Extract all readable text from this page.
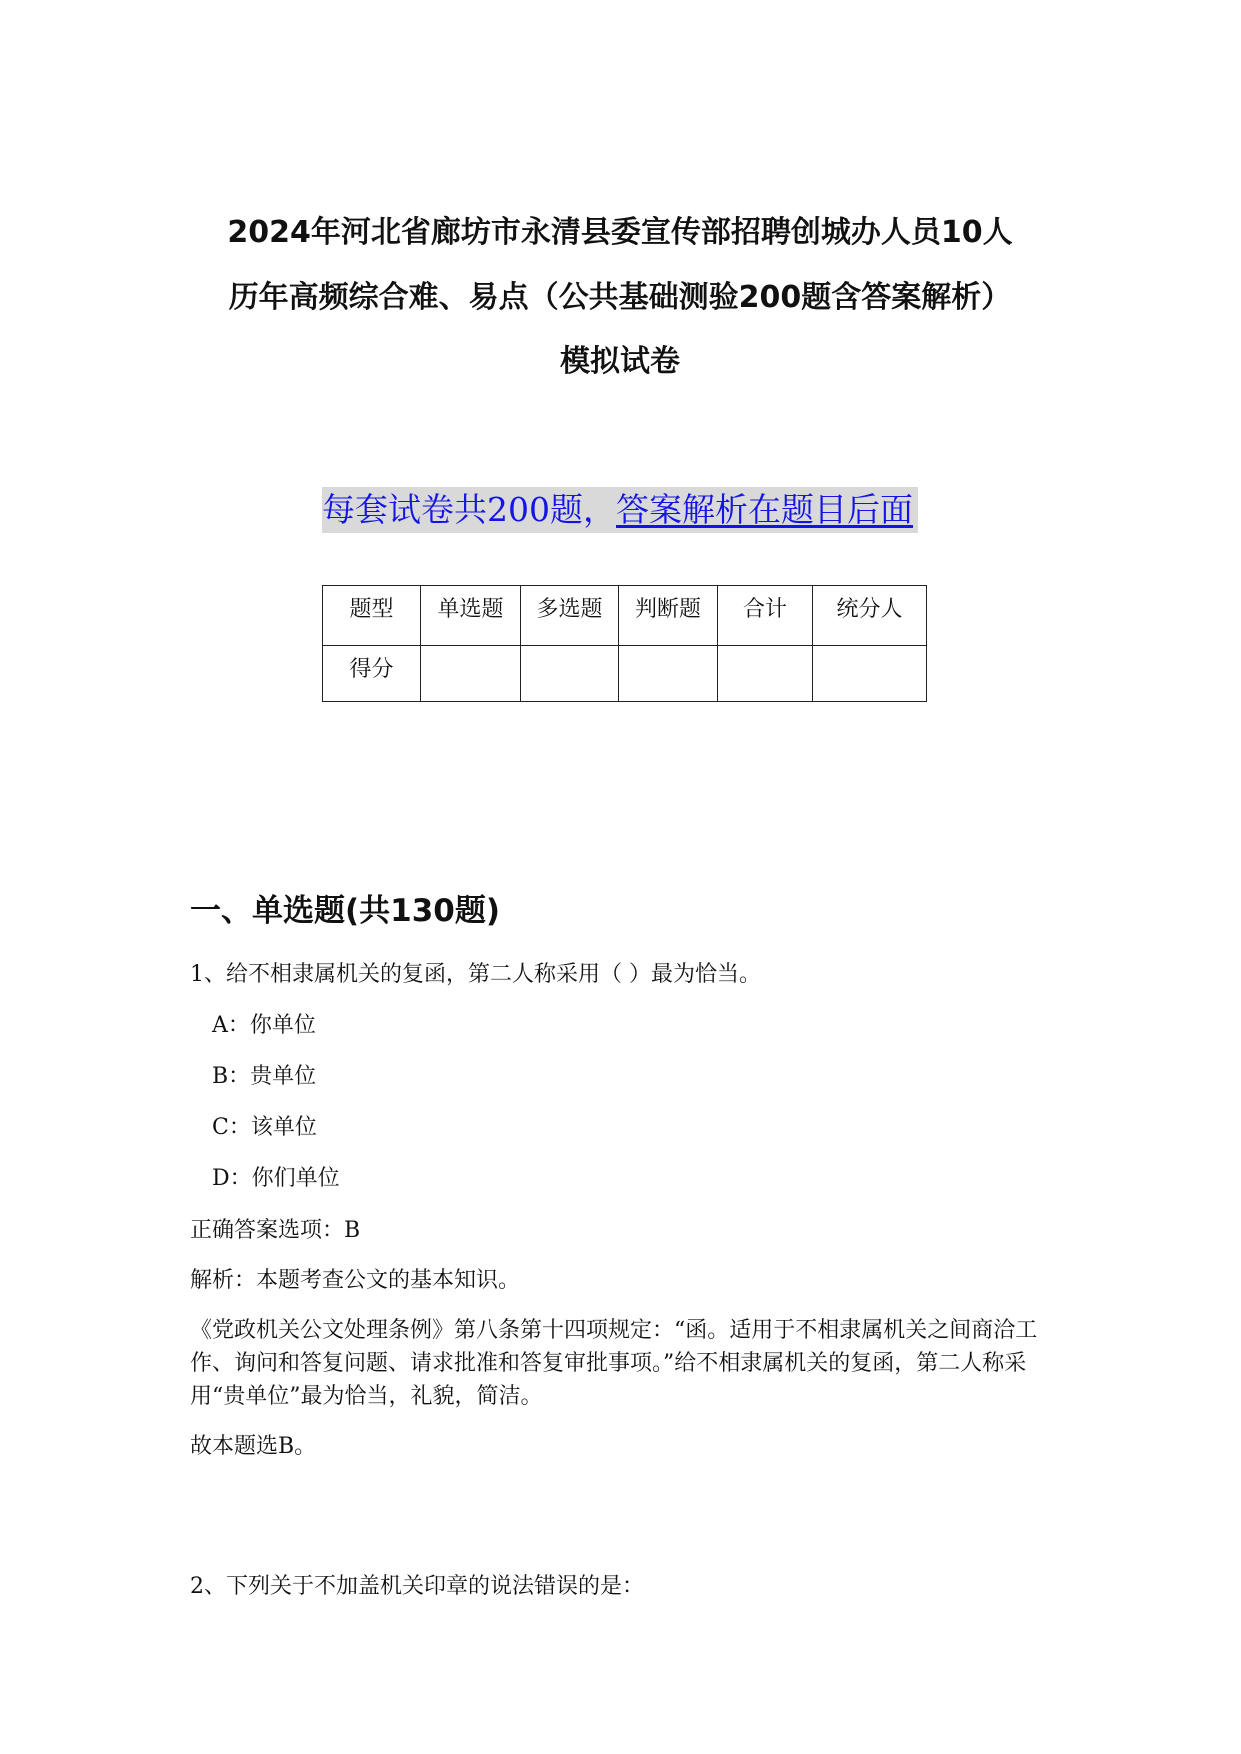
2024年河北省廊坊市永清县委宣传部招聘创城办人员10人

历年高频综合难、易点（公共基础测验200题含答案解析）

模拟试卷

每套试卷共200题，答案解析在题目后面
题型	单选题	多选题	判断题	合计	统分人
得分					
一、单选题(共130题)

1、给不相隶属机关的复函，第二人称采用（ ）最为恰当。

A：你单位

B：贵单位

C：该单位

D：你们单位

正确答案选项：B

解析：本题考查公文的基本知识。

《党政机关公文处理条例》第八条第十四项规定：“函。适用于不相隶属机关之间商洽工作、询问和答复问题、请求批准和答复审批事项。”给不相隶属机关的复函，第二人称采用“贵单位”最为恰当，礼貌，简洁。

故本题选B。

2、下列关于不加盖机关印章的说法错误的是：
